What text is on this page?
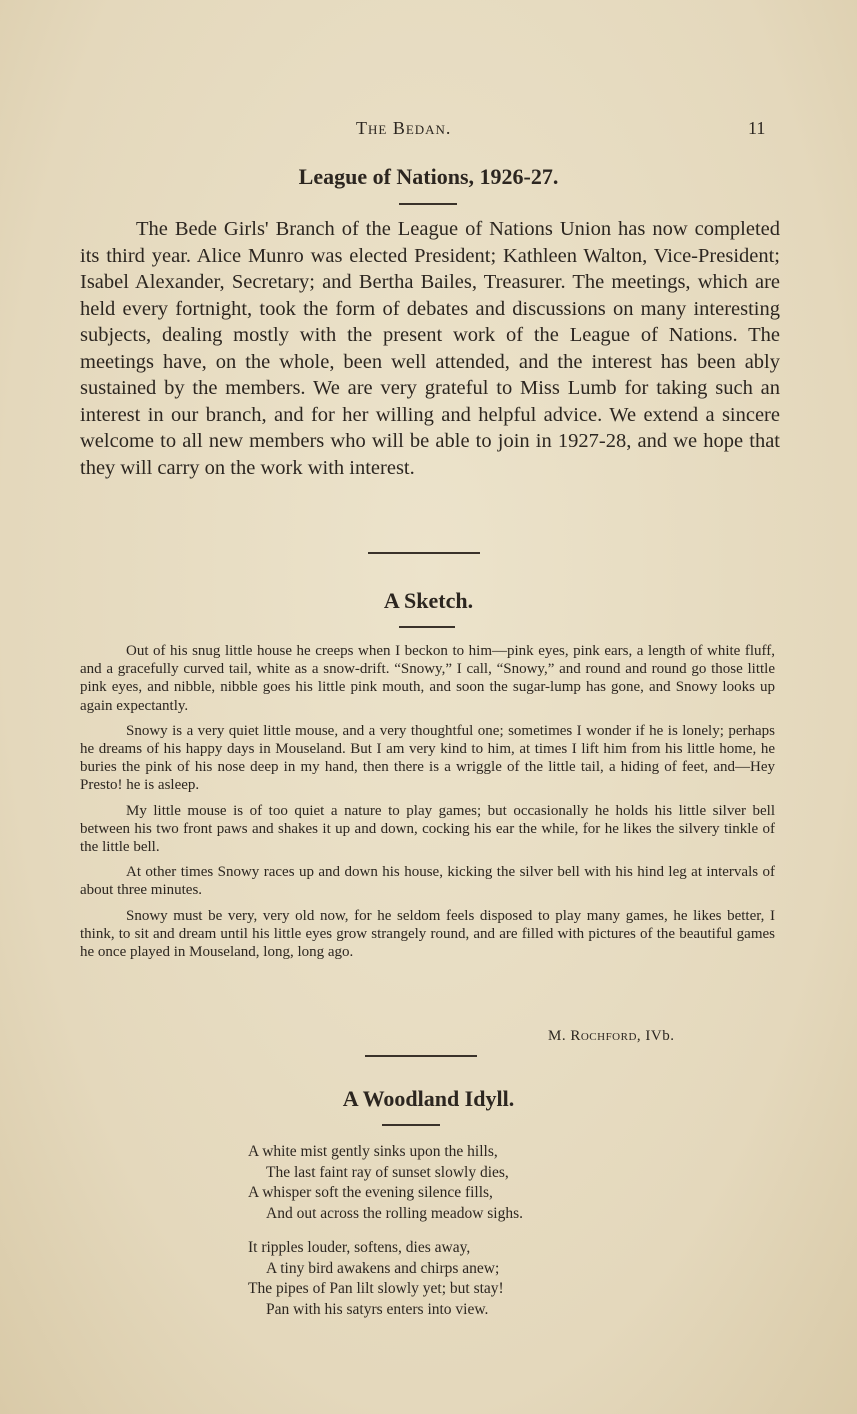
The Bedan.	11
League of Nations, 1926-27.
The Bede Girls' Branch of the League of Nations Union has now completed its third year. Alice Munro was elected President; Kathleen Walton, Vice-President; Isabel Alexander, Secretary; and Bertha Bailes, Treasurer. The meetings, which are held every fortnight, took the form of debates and discussions on many interesting subjects, dealing mostly with the present work of the League of Nations. The meetings have, on the whole, been well attended, and the interest has been ably sustained by the members. We are very grateful to Miss Lumb for taking such an interest in our branch, and for her willing and helpful advice. We extend a sincere welcome to all new members who will be able to join in 1927-28, and we hope that they will carry on the work with interest.
A Sketch.

Out of his snug little house he creeps when I beckon to him—pink eyes, pink ears, a length of white fluff, and a gracefully curved tail, white as a snow-drift. “Snowy,” I call, “Snowy,” and round and round go those little pink eyes, and nibble, nibble goes his little pink mouth, and soon the sugar-lump has gone, and Snowy looks up again expectantly.

Snowy is a very quiet little mouse, and a very thoughtful one; sometimes I wonder if he is lonely; perhaps he dreams of his happy days in Mouseland. But I am very kind to him, at times I lift him from his little home, he buries the pink of his nose deep in my hand, then there is a wriggle of the little tail, a hiding of feet, and—Hey Presto! he is asleep.

My little mouse is of too quiet a nature to play games; but occasionally he holds his little silver bell between his two front paws and shakes it up and down, cocking his ear the while, for he likes the silvery tinkle of the little bell.

At other times Snowy races up and down his house, kicking the silver bell with his hind leg at intervals of about three minutes.

Snowy must be very, very old now, for he seldom feels disposed to play many games, he likes better, I think, to sit and dream until his little eyes grow strangely round, and are filled with pictures of the beautiful games he once played in Mouseland, long, long ago.

M. Rochford, IVb.
A Woodland Idyll.
A white mist gently sinks upon the hills,
The last faint ray of sunset slowly dies,
A whisper soft the evening silence fills,
And out across the rolling meadow sighs.
It ripples louder, softens, dies away,
A tiny bird awakens and chirps anew;
The pipes of Pan lilt slowly yet; but stay!
Pan with his satyrs enters into view.
